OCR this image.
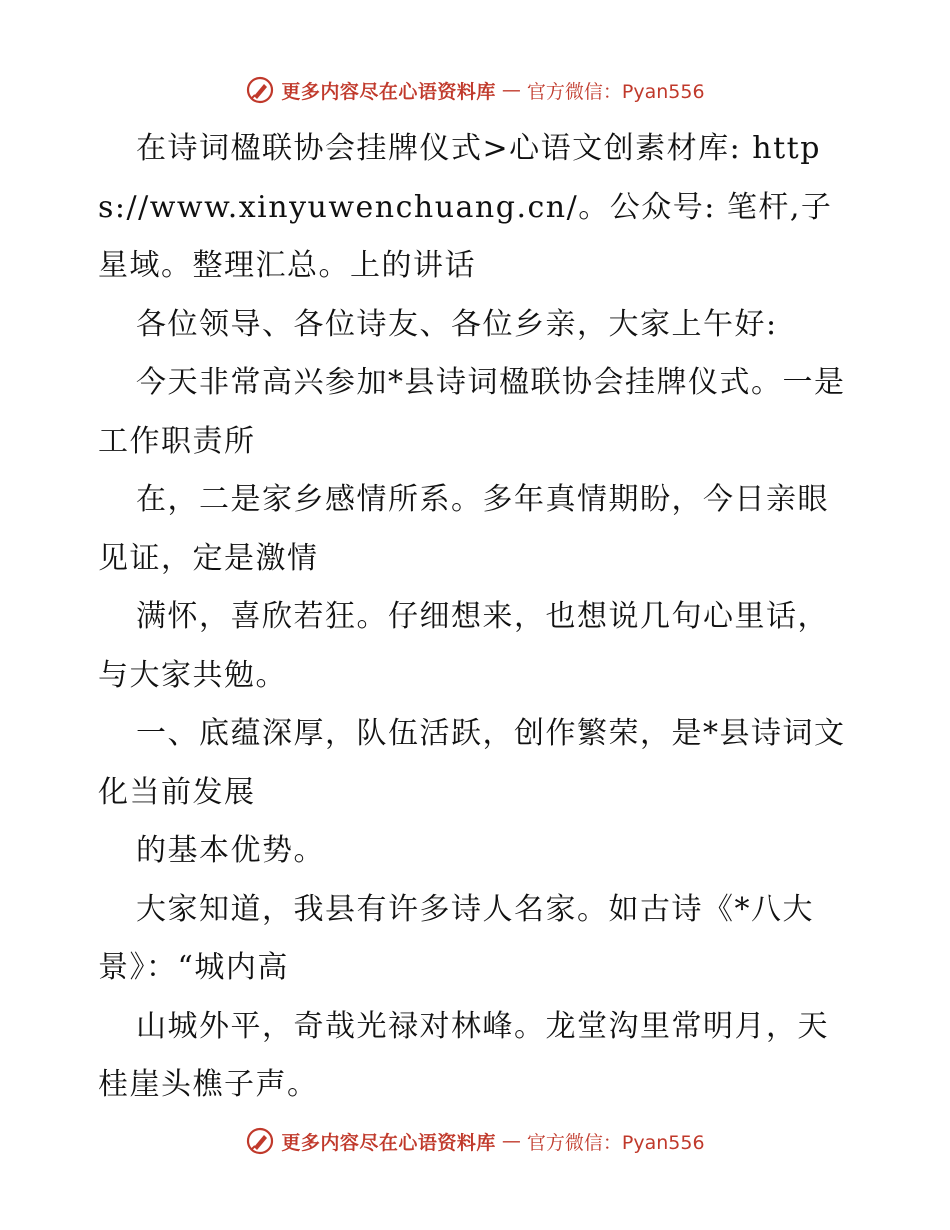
更多内容尽在心语资料库 — 官方微信：Pyan556

在诗词楹联协会挂牌仪式>心语文创素材库: https://www.xinyuwenchuang.cn/。公众号: 笔杆,子星域。整理汇总。上的讲话

各位领导、各位诗友、各位乡亲，大家上午好:

今天非常高兴参加*县诗词楹联协会挂牌仪式。一是工作职责所

在，二是家乡感情所系。多年真情期盼，今日亲眼见证，定是激情

满怀，喜欣若狂。仔细想来，也想说几句心里话，与大家共勉。

一、底蕴深厚，队伍活跃，创作繁荣，是*县诗词文化当前发展

的基本优势。

大家知道，我县有许多诗人名家。如古诗《*八大景》：“城内高

山城外平，奇哉光禄对林峰。龙堂沟里常明月，天桂崖头樵子声。

更多内容尽在心语资料库 — 官方微信：Pyan556
